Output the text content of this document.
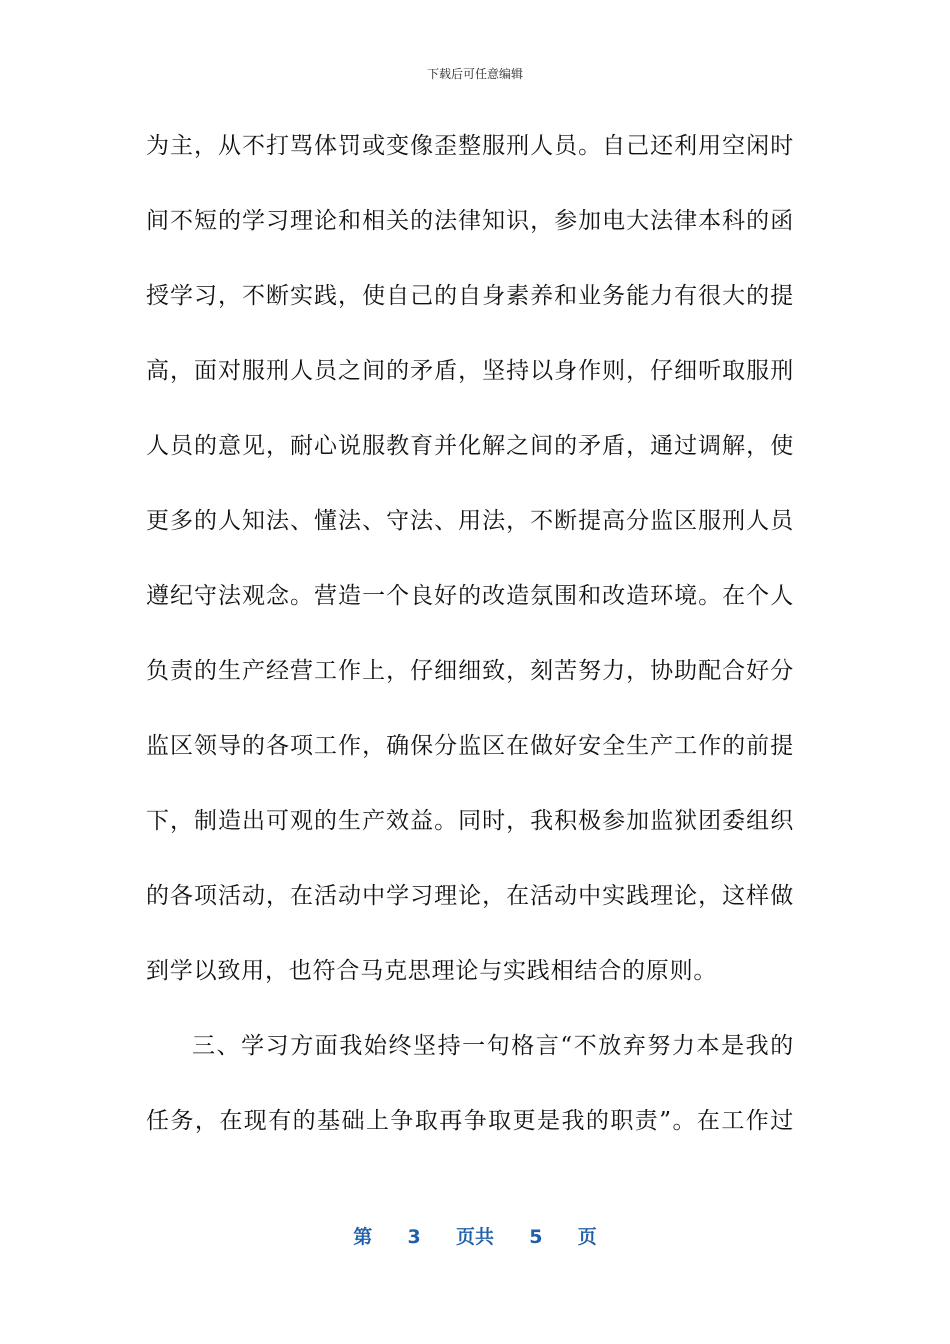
下载后可任意编辑
为主，从不打骂体罚或变像歪整服刑人员。自己还利用空闲时
间不短的学习理论和相关的法律知识，参加电大法律本科的函
授学习，不断实践，使自己的自身素养和业务能力有很大的提
高，面对服刑人员之间的矛盾，坚持以身作则，仔细听取服刑
人员的意见，耐心说服教育并化解之间的矛盾，通过调解，使
更多的人知法、懂法、守法、用法，不断提高分监区服刑人员
遵纪守法观念。营造一个良好的改造氛围和改造环境。在个人
负责的生产经营工作上，仔细细致，刻苦努力，协助配合好分
监区领导的各项工作，确保分监区在做好安全生产工作的前提
下，制造出可观的生产效益。同时，我积极参加监狱团委组织
的各项活动，在活动中学习理论，在活动中实践理论，这样做
到学以致用，也符合马克思理论与实践相结合的原则。
三、学习方面我始终坚持一句格言“不放弃努力本是我的
任务，在现有的基础上争取再争取更是我的职责”。在工作过
第 3 页共 5 页
